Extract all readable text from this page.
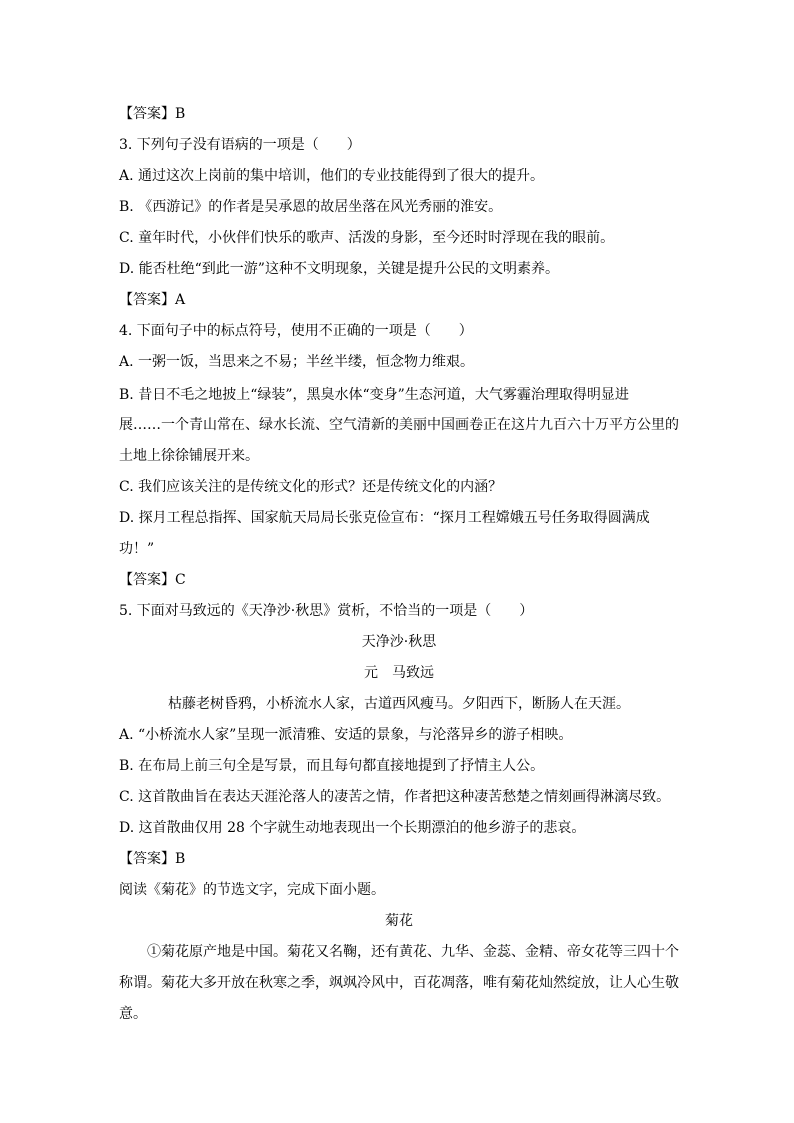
【答案】B
3. 下列句子没有语病的一项是（　　）
A. 通过这次上岗前的集中培训，他们的专业技能得到了很大的提升。
B. 《西游记》的作者是吴承恩的故居坐落在风光秀丽的淮安。
C. 童年时代，小伙伴们快乐的歌声、活泼的身影，至今还时时浮现在我的眼前。
D. 能否杜绝“到此一游”这种不文明现象，关键是提升公民的文明素养。
【答案】A
4. 下面句子中的标点符号，使用不正确的一项是（　　）
A. 一粥一饭，当思来之不易；半丝半缕，恒念物力维艰。
B. 昔日不毛之地披上“绿装”，黑臭水体“变身”生态河道，大气雾霾治理取得明显进
展……一个青山常在、绿水长流、空气清新的美丽中国画卷正在这片九百六十万平方公里的
土地上徐徐铺展开来。
C. 我们应该关注的是传统文化的形式？还是传统文化的内涵？
D. 探月工程总指挥、国家航天局局长张克俭宣布：“探月工程嫦娥五号任务取得圆满成
功！”
【答案】C
5. 下面对马致远的《天净沙·秋思》赏析，不恰当的一项是（　　）
天净沙·秋思
元　马致远
枯藤老树昏鸦，小桥流水人家，古道西风瘦马。夕阳西下，断肠人在天涯。
A. “小桥流水人家”呈现一派清雅、安适的景象，与沦落异乡的游子相映。
B. 在布局上前三句全是写景，而且每句都直接地提到了抒情主人公。
C. 这首散曲旨在表达天涯沦落人的凄苦之情，作者把这种凄苦愁楚之情刻画得淋漓尽致。
D. 这首散曲仅用 28 个字就生动地表现出一个长期漂泊的他乡游子的悲哀。
【答案】B
阅读《菊花》的节选文字，完成下面小题。
菊花
①菊花原产地是中国。菊花又名鞠，还有黄花、九华、金蕊、金精、帝女花等三四十个
称谓。菊花大多开放在秋寒之季，飒飒冷风中，百花凋落，唯有菊花灿然绽放，让人心生敬
意。
